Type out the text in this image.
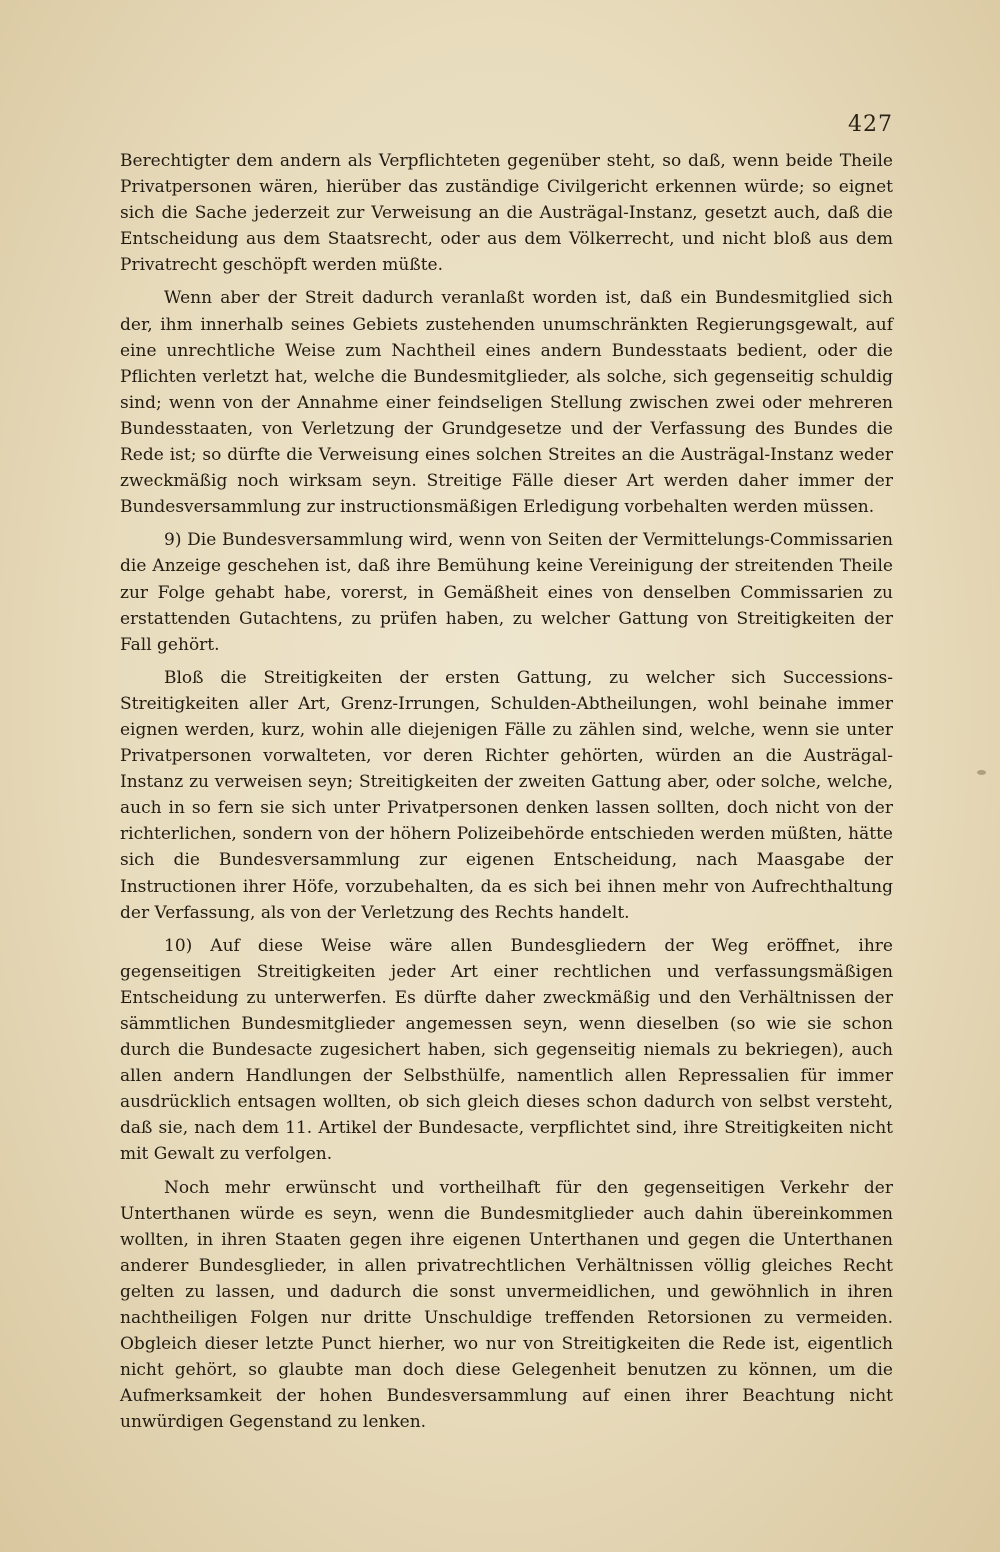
427

Berechtigter dem andern als Verpflichteten gegenüber steht, so daß, wenn beide Theile Privatpersonen wären, hierüber das zuständige Civilgericht erkennen würde; so eignet sich die Sache jederzeit zur Verweisung an die Austrägal-Instanz, gesetzt auch, daß die Entscheidung aus dem Staatsrecht, oder aus dem Völkerrecht, und nicht bloß aus dem Privatrecht geschöpft werden müßte.

Wenn aber der Streit dadurch veranlaßt worden ist, daß ein Bundesmitglied sich der, ihm innerhalb seines Gebiets zustehenden unumschränkten Regierungsgewalt, auf eine unrechtliche Weise zum Nachtheil eines andern Bundesstaats bedient, oder die Pflichten verletzt hat, welche die Bundesmitglieder, als solche, sich gegenseitig schuldig sind; wenn von der Annahme einer feindseligen Stellung zwischen zwei oder mehreren Bundesstaaten, von Verletzung der Grundgesetze und der Verfassung des Bundes die Rede ist; so dürfte die Verweisung eines solchen Streites an die Austrägal-Instanz weder zweckmäßig noch wirksam seyn. Streitige Fälle dieser Art werden daher immer der Bundesversammlung zur instructionsmäßigen Erledigung vorbehalten werden müssen.

9) Die Bundesversammlung wird, wenn von Seiten der Vermittelungs-Commissarien die Anzeige geschehen ist, daß ihre Bemühung keine Vereinigung der streitenden Theile zur Folge gehabt habe, vorerst, in Gemäßheit eines von denselben Commissarien zu erstattenden Gutachtens, zu prüfen haben, zu welcher Gattung von Streitigkeiten der Fall gehört.

Bloß die Streitigkeiten der ersten Gattung, zu welcher sich Successions-Streitigkeiten aller Art, Grenz-Irrungen, Schulden-Abtheilungen, wohl beinahe immer eignen werden, kurz, wohin alle diejenigen Fälle zu zählen sind, welche, wenn sie unter Privatpersonen vorwalteten, vor deren Richter gehörten, würden an die Austrägal-Instanz zu verweisen seyn; Streitigkeiten der zweiten Gattung aber, oder solche, welche, auch in so fern sie sich unter Privatpersonen denken lassen sollten, doch nicht von der richterlichen, sondern von der höhern Polizeibehörde entschieden werden müßten, hätte sich die Bundesversammlung zur eigenen Entscheidung, nach Maasgabe der Instructionen ihrer Höfe, vorzubehalten, da es sich bei ihnen mehr von Aufrechthaltung der Verfassung, als von der Verletzung des Rechts handelt.

10) Auf diese Weise wäre allen Bundesgliedern der Weg eröffnet, ihre gegenseitigen Streitigkeiten jeder Art einer rechtlichen und verfassungsmäßigen Entscheidung zu unterwerfen. Es dürfte daher zweckmäßig und den Verhältnissen der sämmtlichen Bundesmitglieder angemessen seyn, wenn dieselben (so wie sie schon durch die Bundesacte zugesichert haben, sich gegenseitig niemals zu bekriegen), auch allen andern Handlungen der Selbsthülfe, namentlich allen Repressalien für immer ausdrücklich entsagen wollten, ob sich gleich dieses schon dadurch von selbst versteht, daß sie, nach dem 11. Artikel der Bundesacte, verpflichtet sind, ihre Streitigkeiten nicht mit Gewalt zu verfolgen.

Noch mehr erwünscht und vortheilhaft für den gegenseitigen Verkehr der Unterthanen würde es seyn, wenn die Bundesmitglieder auch dahin übereinkommen wollten, in ihren Staaten gegen ihre eigenen Unterthanen und gegen die Unterthanen anderer Bundesglieder, in allen privatrechtlichen Verhältnissen völlig gleiches Recht gelten zu lassen, und dadurch die sonst unvermeidlichen, und gewöhnlich in ihren nachtheiligen Folgen nur dritte Unschuldige treffenden Retorsionen zu vermeiden. Obgleich dieser letzte Punct hierher, wo nur von Streitigkeiten die Rede ist, eigentlich nicht gehört, so glaubte man doch diese Gelegenheit benutzen zu können, um die Aufmerksamkeit der hohen Bundesversammlung auf einen ihrer Beachtung nicht unwürdigen Gegenstand zu lenken.
